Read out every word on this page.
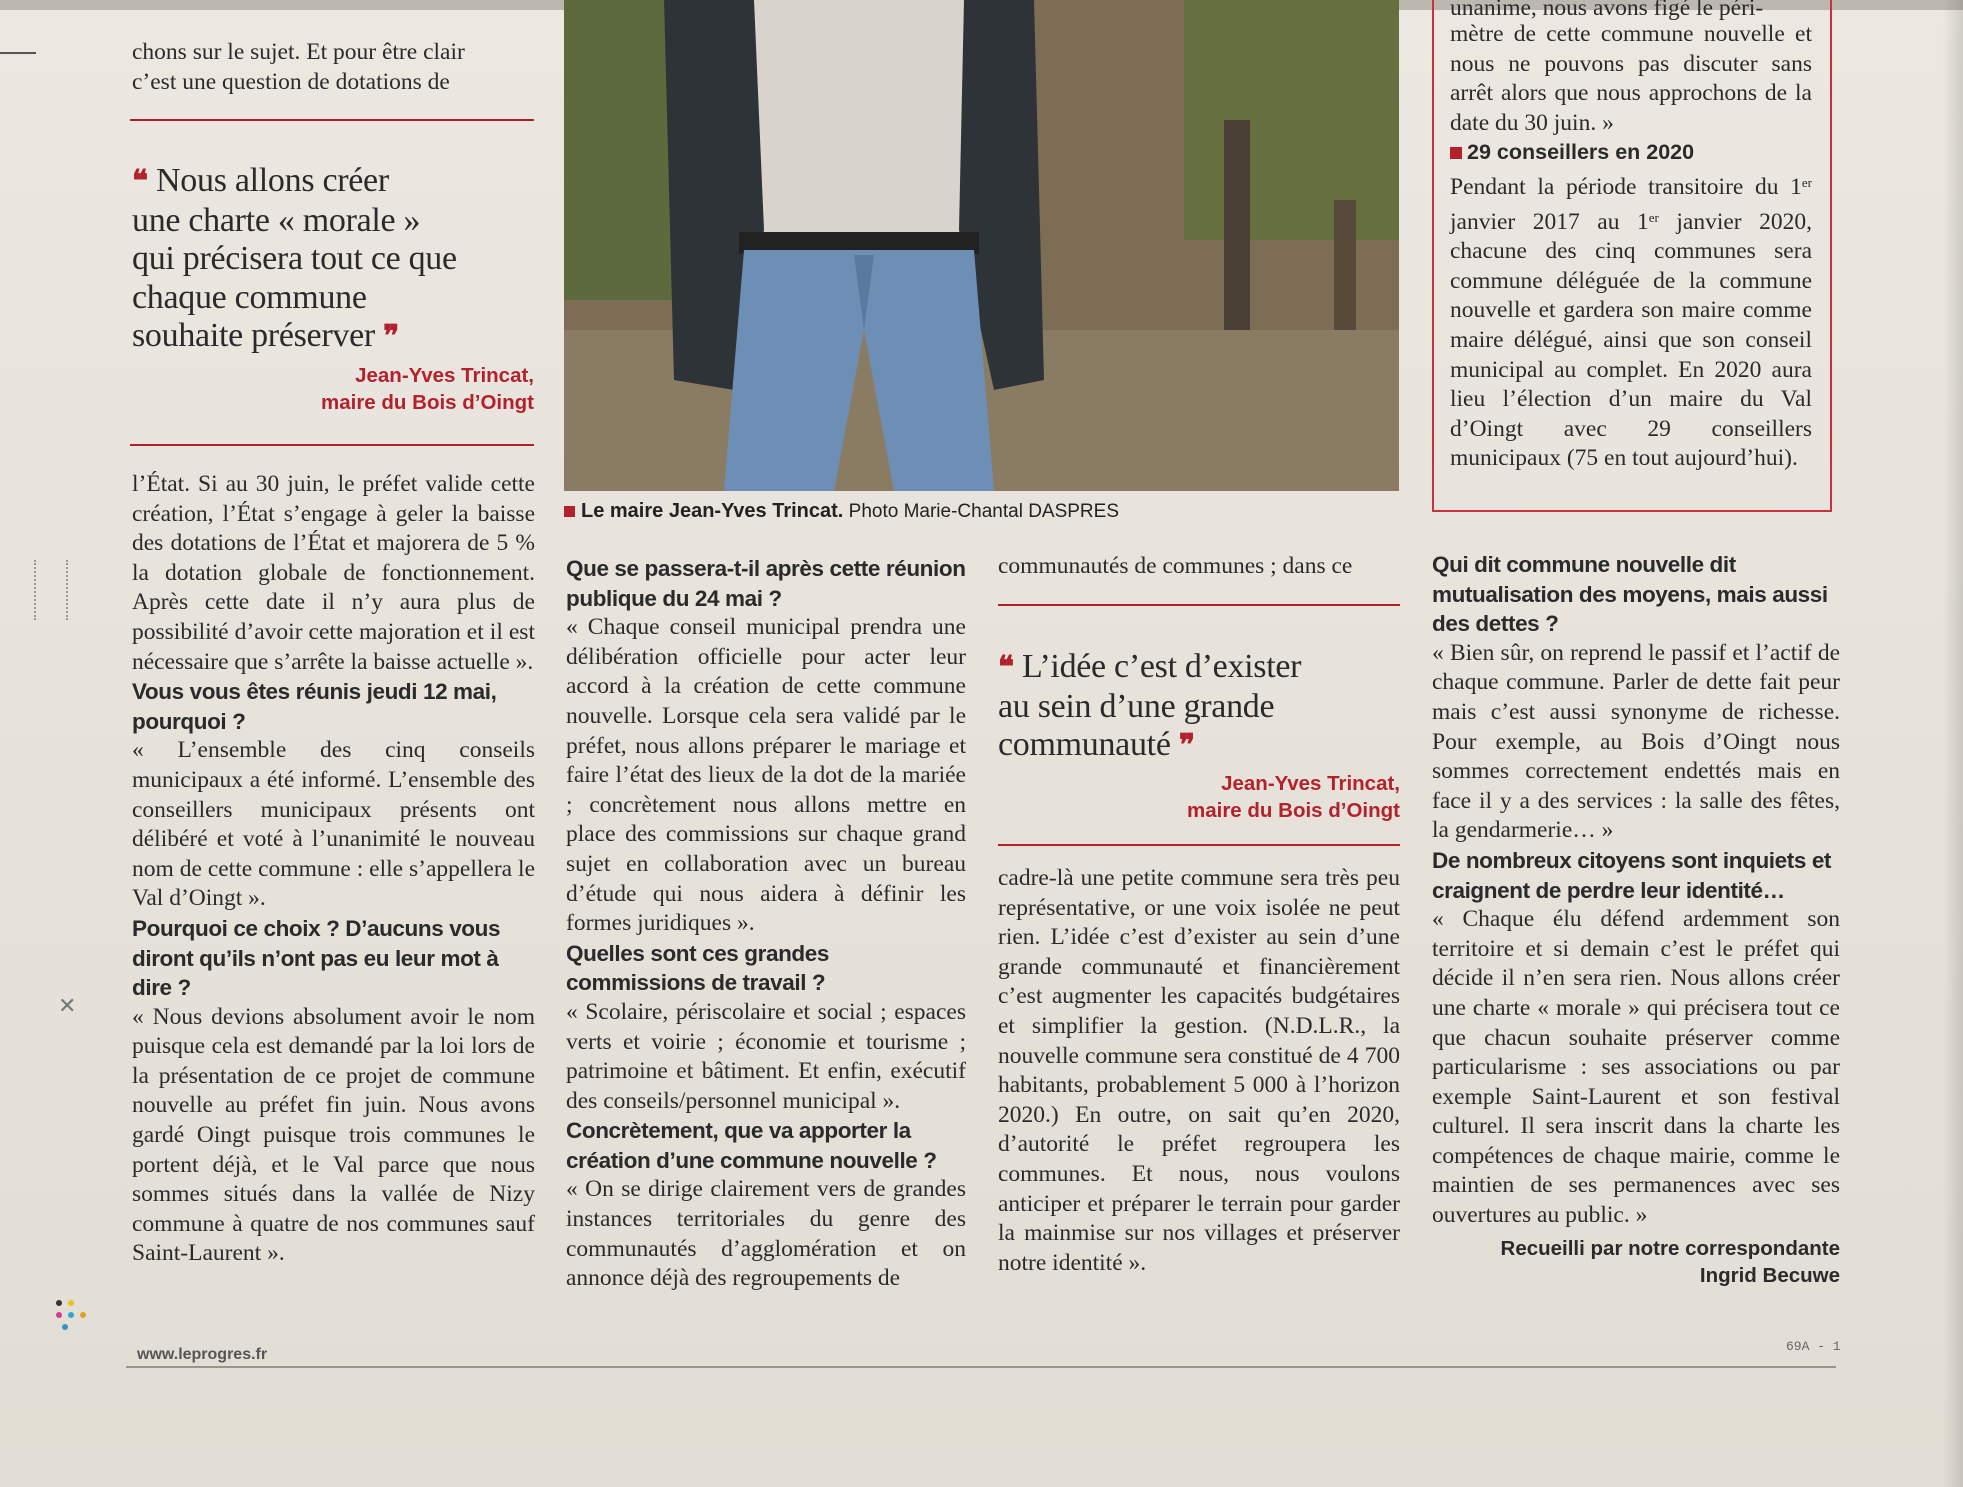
✕

chons sur le sujet. Et pour être clair

c’est une question de dotations de

❝ Nous allons créer
une charte « morale »
qui précisera tout ce que
chaque commune
souhaite préserver ❞
Jean-Yves Trincat,
maire du Bois d’Oingt

l’État. Si au 30 juin, le préfet valide cette création, l’État s’engage à geler la baisse des dotations de l’État et majorera de 5 % la dotation globale de fonctionnement. Après cette date il n’y aura plus de possibilité d’avoir cette majoration et il est nécessaire que s’arrête la baisse actuelle ».

Vous vous êtes réunis jeudi 12 mai, pourquoi ?

« L’ensemble des cinq conseils municipaux a été informé. L’ensemble des conseillers municipaux présents ont délibéré et voté à l’unanimité le nouveau nom de cette commune : elle s’appellera le Val d’Oingt ».

Pourquoi ce choix ? D’aucuns vous diront qu’ils n’ont pas eu leur mot à dire ?

« Nous devions absolument avoir le nom puisque cela est demandé par la loi lors de la présentation de ce projet de commune nouvelle au préfet fin juin. Nous avons gardé Oingt puisque trois communes le portent déjà, et le Val parce que nous sommes situés dans la vallée de Nizy commune à quatre de nos communes sauf Saint-Laurent ».

Le maire Jean-Yves Trincat. Photo Marie-Chantal DASPRES

unanime, nous avons figé le péri-

mètre de cette commune nouvelle et nous ne pouvons pas discuter sans arrêt alors que nous approchons de la date du 30 juin. »

29 conseillers en 2020

Pendant la période transitoire du 1er janvier 2017 au 1er janvier 2020, chacune des cinq communes sera commune déléguée de la commune nouvelle et gardera son maire comme maire délégué, ainsi que son conseil municipal au complet. En 2020 aura lieu l’élection d’un maire du Val d’Oingt avec 29 conseillers municipaux (75 en tout aujourd’hui).

Que se passera-t-il après cette réunion publique du 24 mai ?

« Chaque conseil municipal prendra une délibération officielle pour acter leur accord à la création de cette commune nouvelle. Lorsque cela sera validé par le préfet, nous allons préparer le mariage et faire l’état des lieux de la dot de la mariée ; concrètement nous allons mettre en place des commissions sur chaque grand sujet en collaboration avec un bureau d’étude qui nous aidera à définir les formes juridiques ».

Quelles sont ces grandes commissions de travail ?

« Scolaire, périscolaire et social ; espaces verts et voirie ; économie et tourisme ; patrimoine et bâtiment. Et enfin, exécutif des conseils/personnel municipal ».

Concrètement, que va apporter la création d’une commune nouvelle ?

« On se dirige clairement vers de grandes instances territoriales du genre des communautés d’agglomération et on annonce déjà des regroupements de

communautés de communes ; dans ce

❝ L’idée c’est d’exister
au sein d’une grande
communauté ❞
Jean-Yves Trincat,
maire du Bois d’Oingt

cadre-là une petite commune sera très peu représentative, or une voix isolée ne peut rien. L’idée c’est d’exister au sein d’une grande communauté et financièrement c’est augmenter les capacités budgétaires et simplifier la gestion. (N.D.L.R., la nouvelle commune sera constitué de 4 700 habitants, probablement 5 000 à l’horizon 2020.) En outre, on sait qu’en 2020, d’autorité le préfet regroupera les communes. Et nous, nous voulons anticiper et préparer le terrain pour garder la mainmise sur nos villages et préserver notre identité ».

Qui dit commune nouvelle dit mutualisation des moyens, mais aussi des dettes ?

« Bien sûr, on reprend le passif et l’actif de chaque commune. Parler de dette fait peur mais c’est aussi synonyme de richesse. Pour exemple, au Bois d’Oingt nous sommes correctement endettés mais en face il y a des services : la salle des fêtes, la gendarmerie… »

De nombreux citoyens sont inquiets et craignent de perdre leur identité…

« Chaque élu défend ardemment son territoire et si demain c’est le préfet qui décide il n’en sera rien. Nous allons créer une charte « morale » qui précisera tout ce que chacun souhaite préserver comme particularisme : ses associations ou par exemple Saint-Laurent et son festival culturel. Il sera inscrit dans la charte les compétences de chaque mairie, comme le maintien de ses permanences avec ses ouvertures au public. »

Recueilli par notre correspondante
Ingrid Becuwe
www.leprogres.fr	69A - 1
